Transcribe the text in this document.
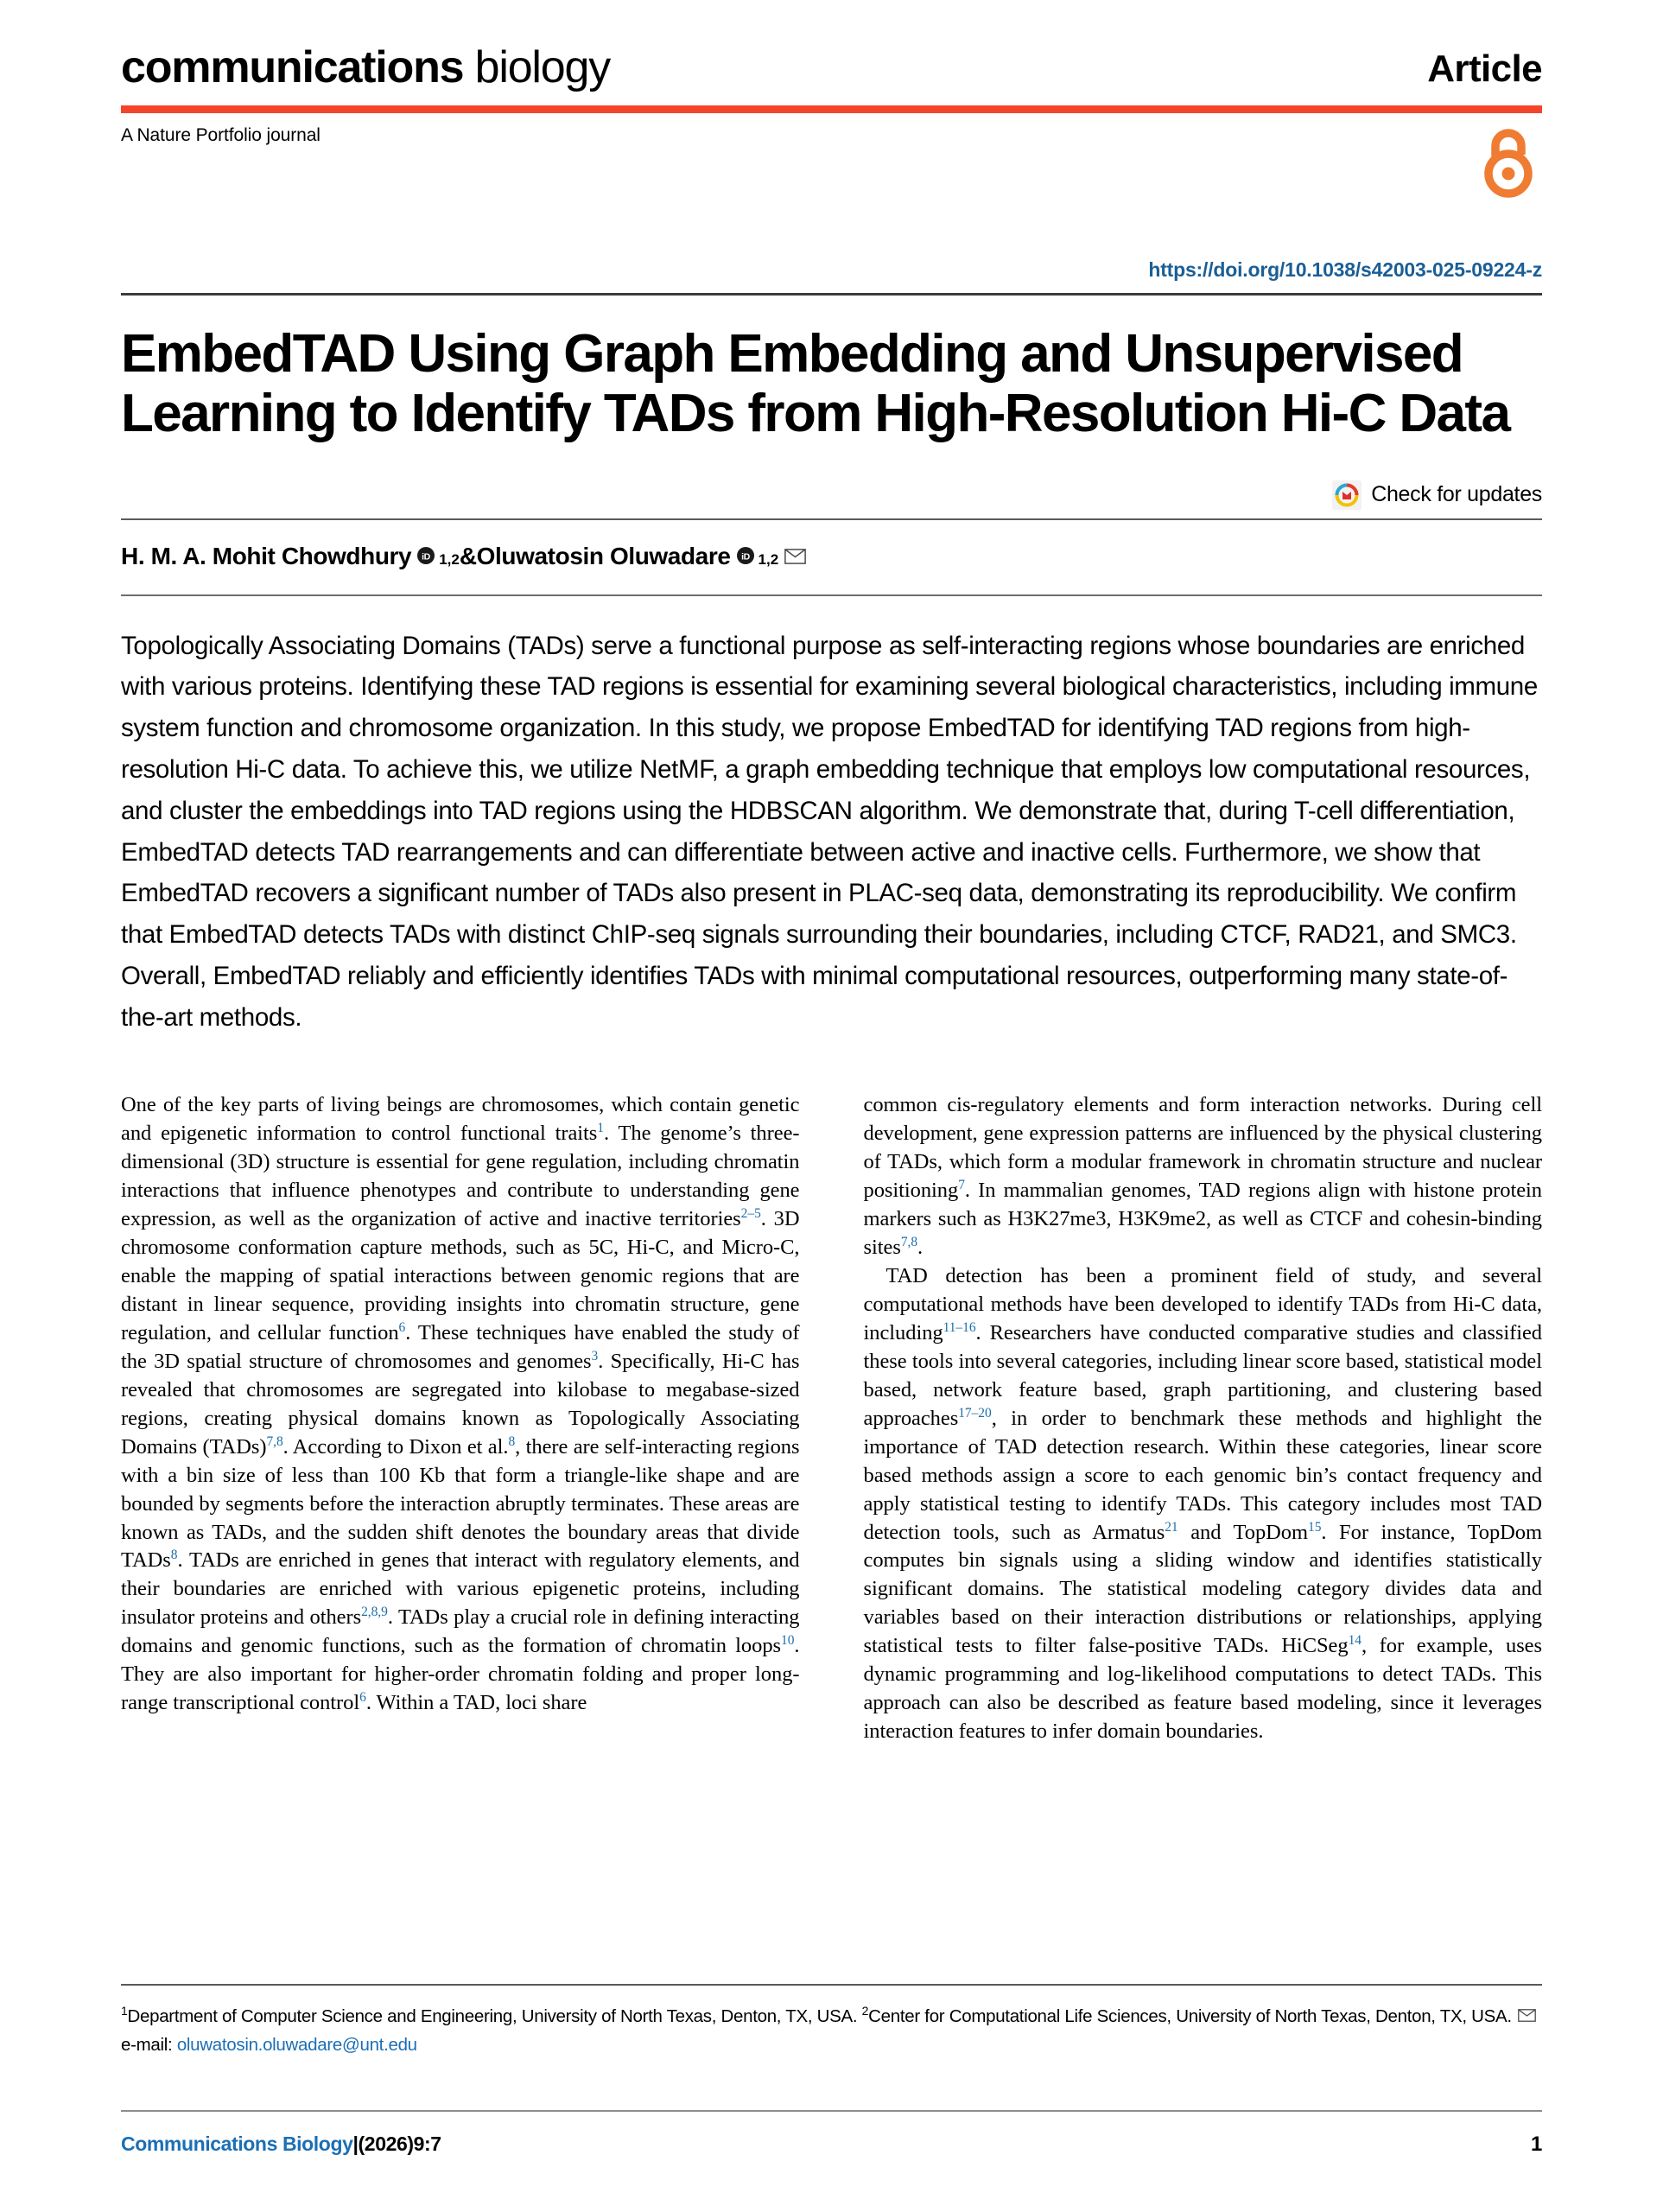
communications biology	Article
A Nature Portfolio journal
https://doi.org/10.1038/s42003-025-09224-z
EmbedTAD Using Graph Embedding and Unsupervised Learning to Identify TADs from High-Resolution Hi-C Data
Check for updates
H. M. A. Mohit Chowdhury iD 1,2 & Oluwatosin Oluwadare iD 1,2
Topologically Associating Domains (TADs) serve a functional purpose as self-interacting regions whose boundaries are enriched with various proteins. Identifying these TAD regions is essential for examining several biological characteristics, including immune system function and chromosome organization. In this study, we propose EmbedTAD for identifying TAD regions from high-resolution Hi-C data. To achieve this, we utilize NetMF, a graph embedding technique that employs low computational resources, and cluster the embeddings into TAD regions using the HDBSCAN algorithm. We demonstrate that, during T-cell differentiation, EmbedTAD detects TAD rearrangements and can differentiate between active and inactive cells. Furthermore, we show that EmbedTAD recovers a significant number of TADs also present in PLAC-seq data, demonstrating its reproducibility. We confirm that EmbedTAD detects TADs with distinct ChIP-seq signals surrounding their boundaries, including CTCF, RAD21, and SMC3. Overall, EmbedTAD reliably and efficiently identifies TADs with minimal computational resources, outperforming many state-of-the-art methods.

One of the key parts of living beings are chromosomes, which contain genetic and epigenetic information to control functional traits$^1$. The genome’s three-dimensional (3D) structure is essential for gene regulation, including chromatin interactions that influence phenotypes and contribute to understanding gene expression, as well as the organization of active and inactive territories$^{2-5}$. 3D chromosome conformation capture methods, such as 5C, Hi-C, and Micro-C, enable the mapping of spatial interactions between genomic regions that are distant in linear sequence, providing insights into chromatin structure, gene regulation, and cellular function$^6$. These techniques have enabled the study of the 3D spatial structure of chromosomes and genomes$^3$. Specifically, Hi-C has revealed that chromosomes are segregated into kilobase to megabase-sized regions, creating physical domains known as Topologically Associating Domains (TADs)$^{7,8}$. According to Dixon et al.$^8$, there are self-interacting regions with a bin size of less than 100 Kb that form a triangle-like shape and are bounded by segments before the interaction abruptly terminates. These areas are known as TADs, and the sudden shift denotes the boundary areas that divide TADs$^8$. TADs are enriched in genes that interact with regulatory elements, and their boundaries are enriched with various epigenetic proteins, including insulator proteins and others$^{2,8,9}$. TADs play a crucial role in defining interacting domains and genomic functions, such as the formation of chromatin loops$^{10}$. They are also important for higher-order chromatin folding and proper long-range transcriptional control$^6$. Within a TAD, loci share

common cis-regulatory elements and form interaction networks. During cell development, gene expression patterns are influenced by the physical clustering of TADs, which form a modular framework in chromatin structure and nuclear positioning$^7$. In mammalian genomes, TAD regions align with histone protein markers such as H3K27me3, H3K9me2, as well as CTCF and cohesin-binding sites$^{7,8}$.

TAD detection has been a prominent field of study, and several computational methods have been developed to identify TADs from Hi-C data, including$^{11-16}$. Researchers have conducted comparative studies and classified these tools into several categories, including linear score based, statistical model based, network feature based, graph partitioning, and clustering based approaches$^{17-20}$, in order to benchmark these methods and highlight the importance of TAD detection research. Within these categories, linear score based methods assign a score to each genomic bin’s contact frequency and apply statistical testing to identify TADs. This category includes most TAD detection tools, such as Armatus$^{21}$ and TopDom$^{15}$. For instance, TopDom computes bin signals using a sliding window and identifies statistically significant domains. The statistical modeling category divides data and variables based on their interaction distributions or relationships, applying statistical tests to filter false-positive TADs. HiCSeg$^{14}$, for example, uses dynamic programming and log-likelihood computations to detect TADs. This approach can also be described as feature based modeling, since it leverages interaction features to infer domain boundaries.

$^1$Department of Computer Science and Engineering, University of North Texas, Denton, TX, USA. $^2$Center for Computational Life Sciences, University of North Texas, Denton, TX, USA. e-mail: oluwatosin.oluwadare@unt.edu
Communications Biology|(2026)9:7	1
